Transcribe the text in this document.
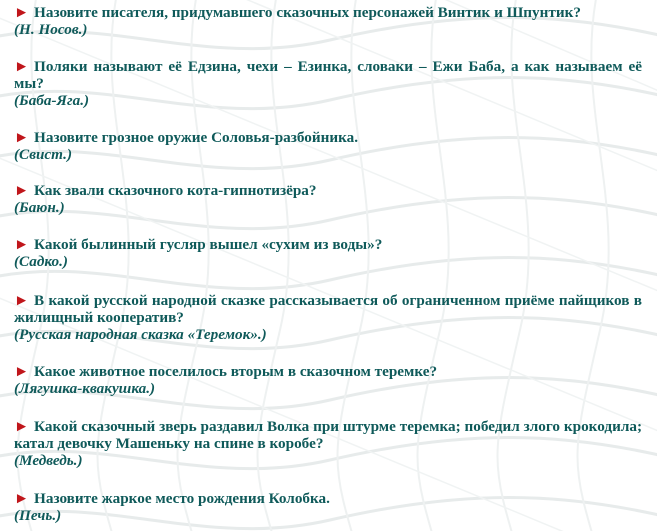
► Назовите писателя, придумавшего сказочных персонажей Винтик и Шпунтик?

(Н. Носов.)

► Поляки называют её Едзина, чехи – Езинка, словаки – Ежи Баба, а как называем её мы?

(Баба-Яга.)

► Назовите грозное оружие Соловья-разбойника.

(Свист.)

► Как звали сказочного кота-гипнотизёра?

(Баюн.)

► Какой былинный гусляр вышел «сухим из воды»?

(Садко.)

► В какой русской народной сказке рассказывается об ограниченном приёме пайщиков в жилищный кооператив?

(Русская народная сказка «Теремок».)

► Какое животное поселилось вторым в сказочном теремке?

(Лягушка-квакушка.)

► Какой сказочный зверь раздавил Волка при штурме теремка; победил злого крокодила; катал девочку Машеньку на спине в коробе?

(Медведь.)

► Назовите жаркое место рождения Колобка.

(Печь.)
